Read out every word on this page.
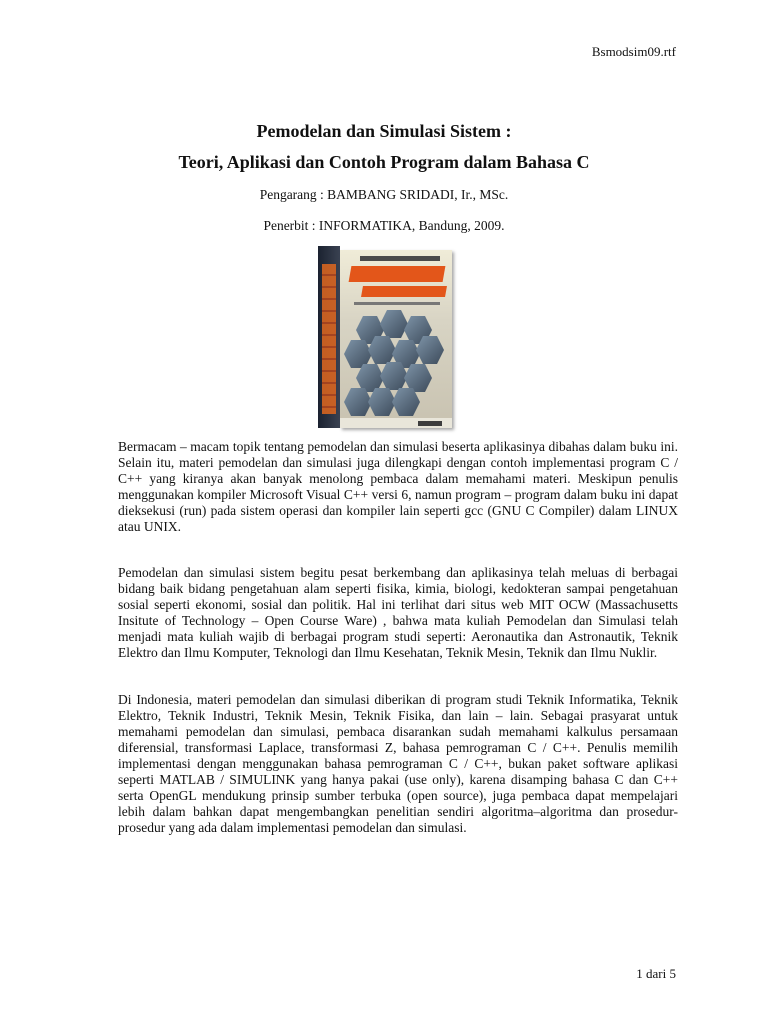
Bsmodsim09.rtf
Pemodelan dan Simulasi Sistem :
Teori, Aplikasi dan Contoh Program dalam Bahasa C
Pengarang : BAMBANG SRIDADI, Ir., MSc.
Penerbit : INFORMATIKA, Bandung, 2009.

Bermacam – macam topik tentang pemodelan dan simulasi beserta aplikasinya dibahas dalam buku ini. Selain itu, materi pemodelan dan simulasi juga dilengkapi dengan contoh implementasi program C / C++ yang kiranya akan banyak menolong pembaca dalam memahami materi. Meskipun penulis menggunakan kompiler Microsoft Visual C++ versi 6, namun program – program dalam buku ini dapat dieksekusi (run) pada sistem operasi dan kompiler lain seperti gcc (GNU C Compiler) dalam LINUX atau UNIX.

Pemodelan dan simulasi sistem begitu pesat berkembang dan aplikasinya telah meluas di berbagai bidang baik bidang pengetahuan alam seperti fisika, kimia, biologi, kedokteran sampai pengetahuan sosial seperti ekonomi, sosial dan politik. Hal ini terlihat dari situs web MIT OCW (Massachusetts Insitute of Technology – Open Course Ware) , bahwa mata kuliah Pemodelan dan Simulasi telah menjadi mata kuliah wajib di berbagai program studi seperti: Aeronautika dan Astronautik, Teknik Elektro dan Ilmu Komputer, Teknologi dan Ilmu Kesehatan, Teknik Mesin, Teknik dan Ilmu Nuklir.

Di Indonesia, materi pemodelan dan simulasi diberikan di program studi Teknik Informatika, Teknik Elektro, Teknik Industri, Teknik Mesin, Teknik Fisika, dan lain – lain. Sebagai prasyarat untuk memahami pemodelan dan simulasi, pembaca disarankan sudah memahami kalkulus persamaan diferensial, transformasi Laplace, transformasi Z, bahasa pemrograman C / C++. Penulis memilih implementasi dengan menggunakan bahasa pemrograman C / C++, bukan paket software aplikasi seperti MATLAB / SIMULINK yang hanya pakai (use only), karena disamping bahasa C dan C++ serta OpenGL mendukung prinsip sumber terbuka (open source), juga pembaca dapat mempelajari lebih dalam bahkan dapat mengembangkan penelitian sendiri algoritma–algoritma dan prosedur-prosedur yang ada dalam implementasi pemodelan dan simulasi.

1 dari 5
